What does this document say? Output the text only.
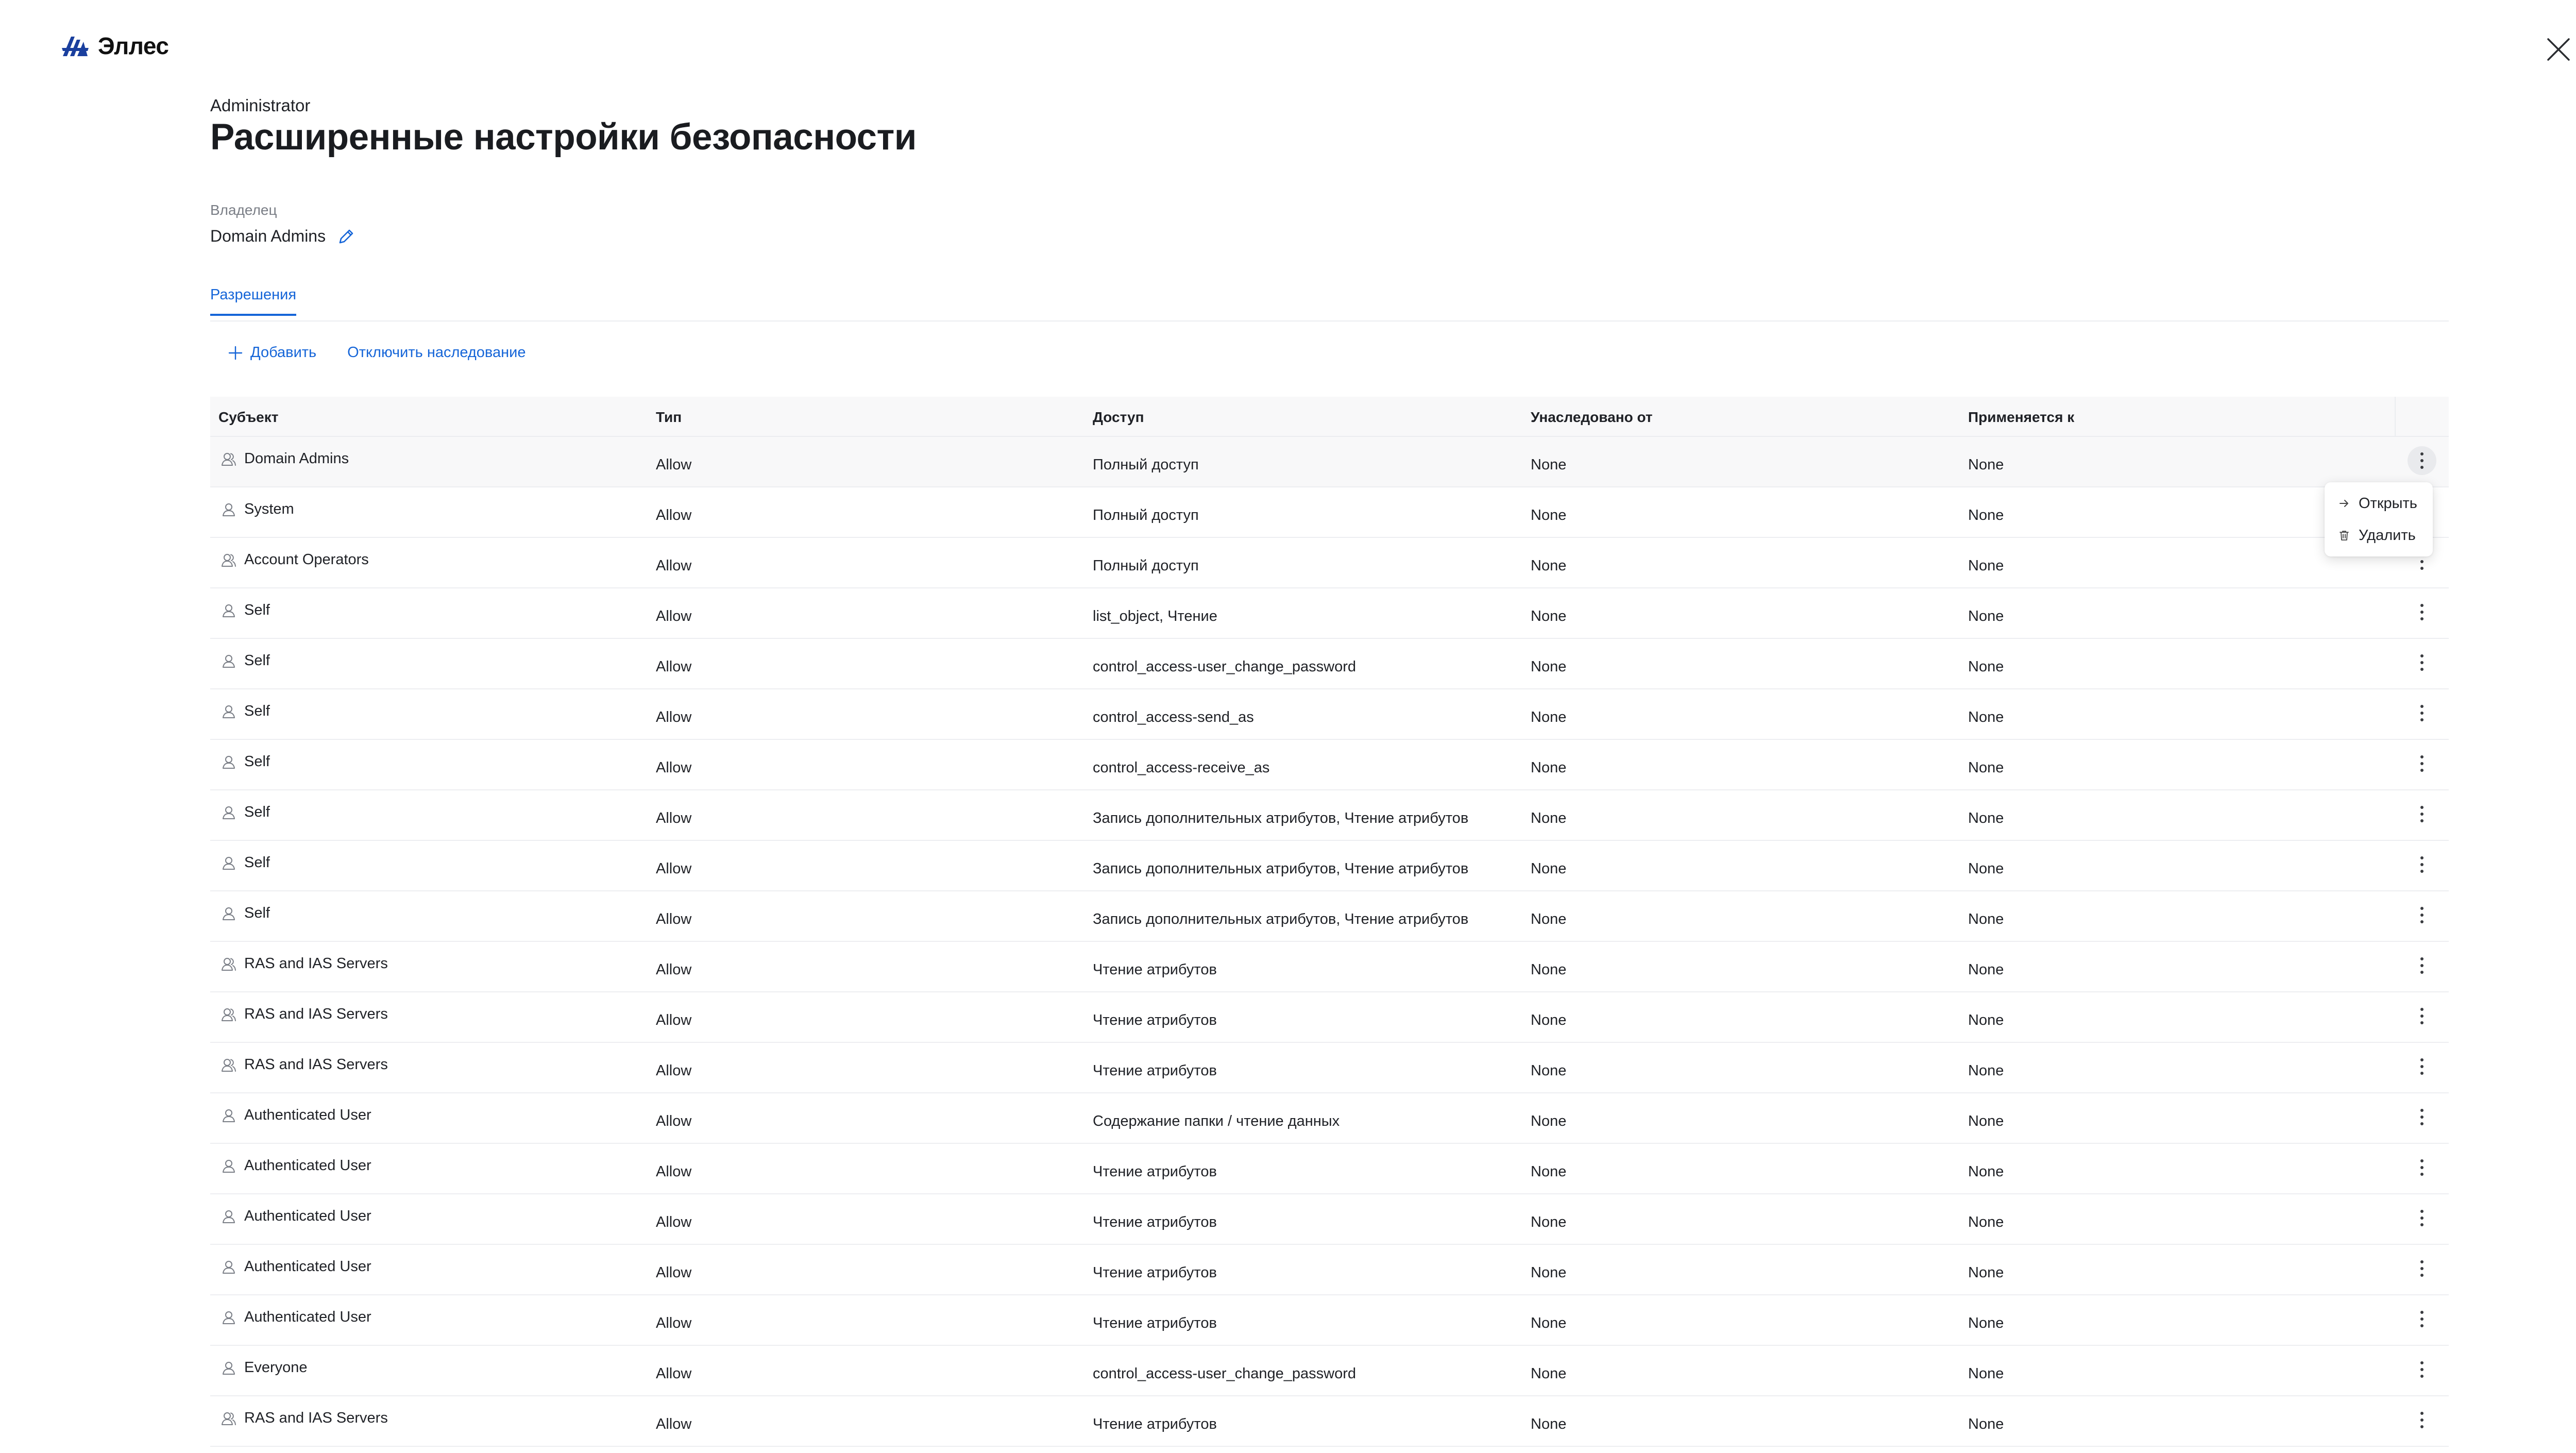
Эллес
Administrator
Расширенные настройки безопасности
Владелец
Domain Admins
Разрешения
Добавить Отключить наследование
Субъект	Тип	Доступ	Унаследовано от	Применяется к
Domain Admins	Allow	Полный доступ	None	None
System	Allow	Полный доступ	None	None
Account Operators	Allow	Полный доступ	None	None
Self	Allow	list_object, Чтение	None	None
Self	Allow	control_access-user_change_password	None	None
Self	Allow	control_access-send_as	None	None
Self	Allow	control_access-receive_as	None	None
Self	Allow	Запись дополнительных атрибутов, Чтение атрибутов	None	None
Self	Allow	Запись дополнительных атрибутов, Чтение атрибутов	None	None
Self	Allow	Запись дополнительных атрибутов, Чтение атрибутов	None	None
RAS and IAS Servers	Allow	Чтение атрибутов	None	None
RAS and IAS Servers	Allow	Чтение атрибутов	None	None
RAS and IAS Servers	Allow	Чтение атрибутов	None	None
Authenticated User	Allow	Содержание папки / чтение данных	None	None
Authenticated User	Allow	Чтение атрибутов	None	None
Authenticated User	Allow	Чтение атрибутов	None	None
Authenticated User	Allow	Чтение атрибутов	None	None
Authenticated User	Allow	Чтение атрибутов	None	None
Everyone	Allow	control_access-user_change_password	None	None
RAS and IAS Servers	Allow	Чтение атрибутов	None	None
Открыть
Удалить
